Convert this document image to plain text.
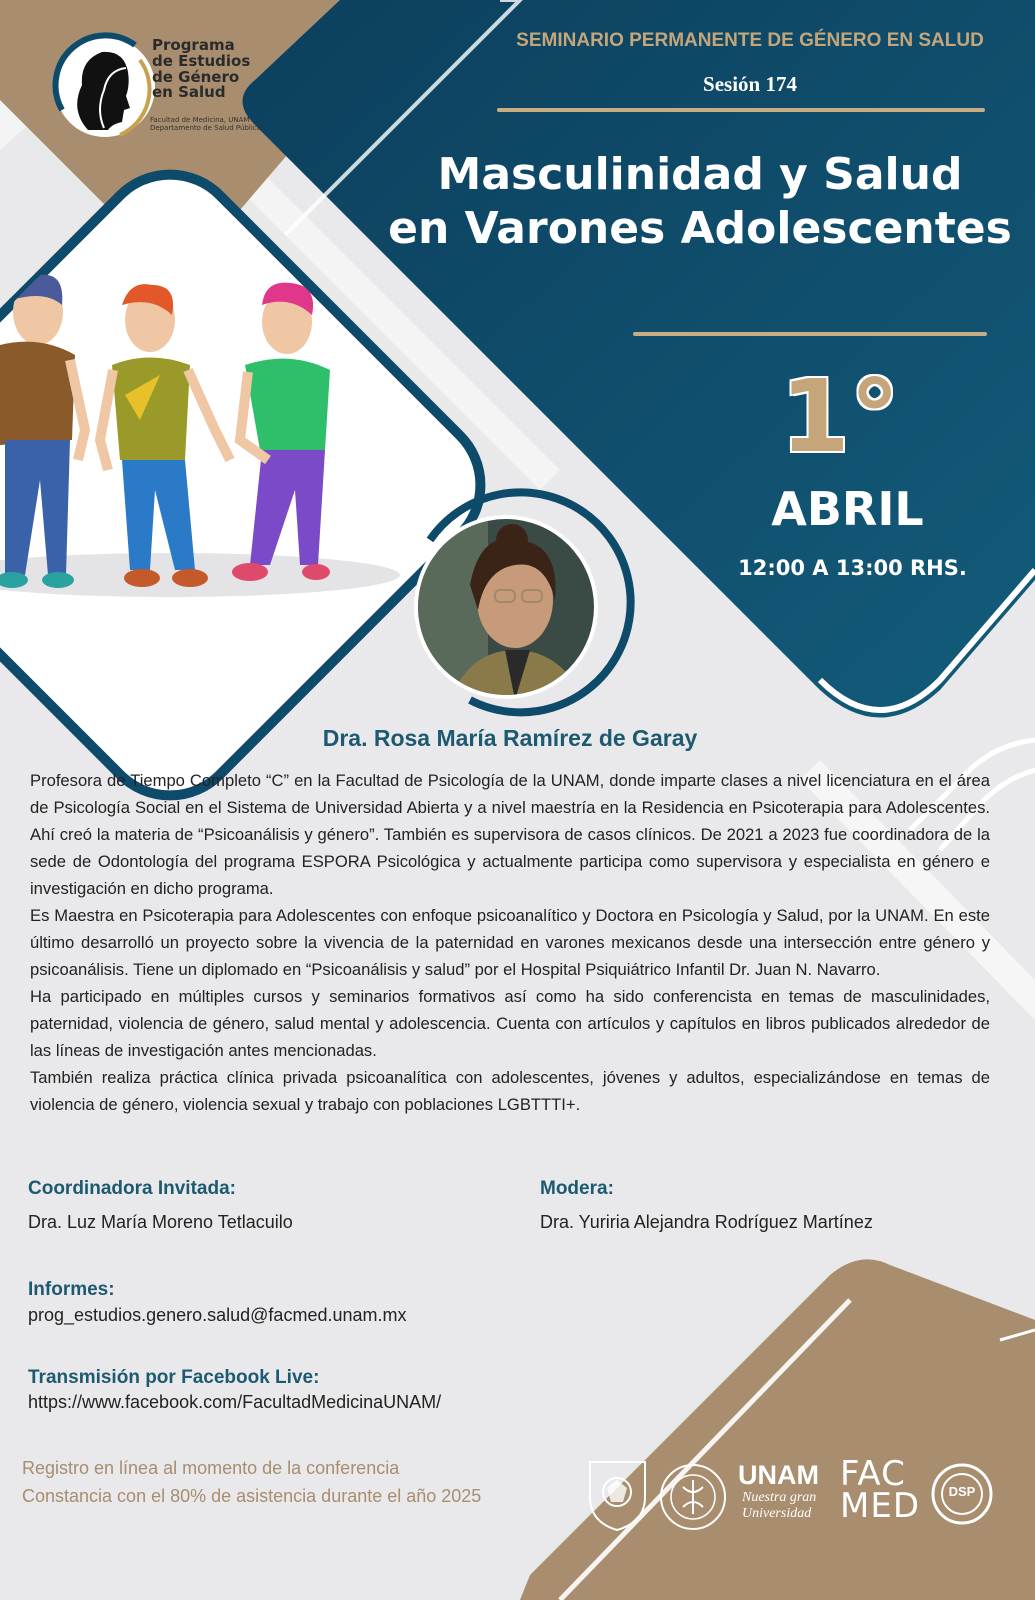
Programa
de Estudios
de Género
en Salud
Facultad de Medicina, UNAM Departamento de Salud Pública
SEMINARIO PERMANENTE DE GÉNERO EN SALUD
Sesión 174
Masculinidad y Salud
en Varones Adolescentes
1°
ABRIL
12:00 A 13:00 RHS.
Dra. Rosa María Ramírez de Garay

Profesora de Tiempo Completo “C” en la Facultad de Psicología de la UNAM, donde imparte clases a nivel licenciatura en el área de Psicología Social en el Sistema de Universidad Abierta y a nivel maestría en la Residencia en Psicoterapia para Adolescentes. Ahí creó la materia de “Psicoanálisis y género”. También es supervisora de casos clínicos. De 2021 a 2023 fue coordinadora de la sede de Odontología del programa ESPORA Psicológica y actualmente participa como supervisora y especialista en género e investigación en dicho programa.

Es Maestra en Psicoterapia para Adolescentes con enfoque psicoanalítico y Doctora en Psicología y Salud, por la UNAM. En este último desarrolló un proyecto sobre la vivencia de la paternidad en varones mexicanos desde una intersección entre género y psicoanálisis. Tiene un diplomado en “Psicoanálisis y salud” por el Hospital Psiquiátrico Infantil Dr. Juan N. Navarro.

Ha participado en múltiples cursos y seminarios formativos así como ha sido conferencista en temas de masculinidades, paternidad, violencia de género, salud mental y adolescencia. Cuenta con artículos y capítulos en libros publicados alrededor de las líneas de investigación antes mencionadas.

También realiza práctica clínica privada psicoanalítica con adolescentes, jóvenes y adultos, especializándose en temas de violencia de género, violencia sexual y trabajo con poblaciones LGBTTTI+.

Coordinadora Invitada:
Dra. Luz María Moreno Tetlacuilo
Modera:
Dra. Yuriria Alejandra Rodríguez Martínez
Informes:
prog_estudios.genero.salud@facmed.unam.mx
Transmisión por Facebook Live:
https://www.facebook.com/FacultadMedicinaUNAM/
Registro en línea al momento de la conferencia
Constancia con el 80% de asistencia durante el año 2025
UNAM
Nuestra gran Universidad
FAC MED	DSP
